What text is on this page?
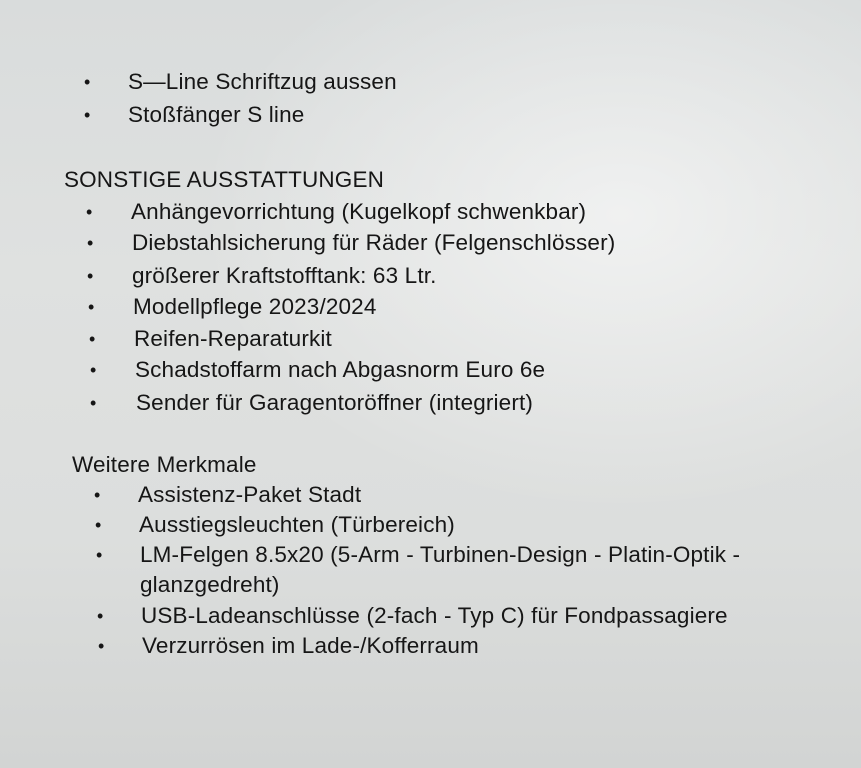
• S—Line Schriftzug aussen
• Stoßfänger S line
SONSTIGE AUSSTATTUNGEN
• Anhängevorrichtung (Kugelkopf schwenkbar)
• Diebstahlsicherung für Räder (Felgenschlösser)
• größerer Kraftstofftank: 63 Ltr.
• Modellpflege 2023/2024
• Reifen-Reparaturkit
• Schadstoffarm nach Abgasnorm Euro 6e
• Sender für Garagentoröffner (integriert)
Weitere Merkmale
• Assistenz-Paket Stadt
• Ausstiegsleuchten (Türbereich)
• LM-Felgen 8.5x20 (5-Arm - Turbinen-Design - Platin-Optik - glanzgedreht)
• USB-Ladeanschlüsse (2-fach - Typ C) für Fondpassagiere
• Verzurrösen im Lade-/Kofferraum
